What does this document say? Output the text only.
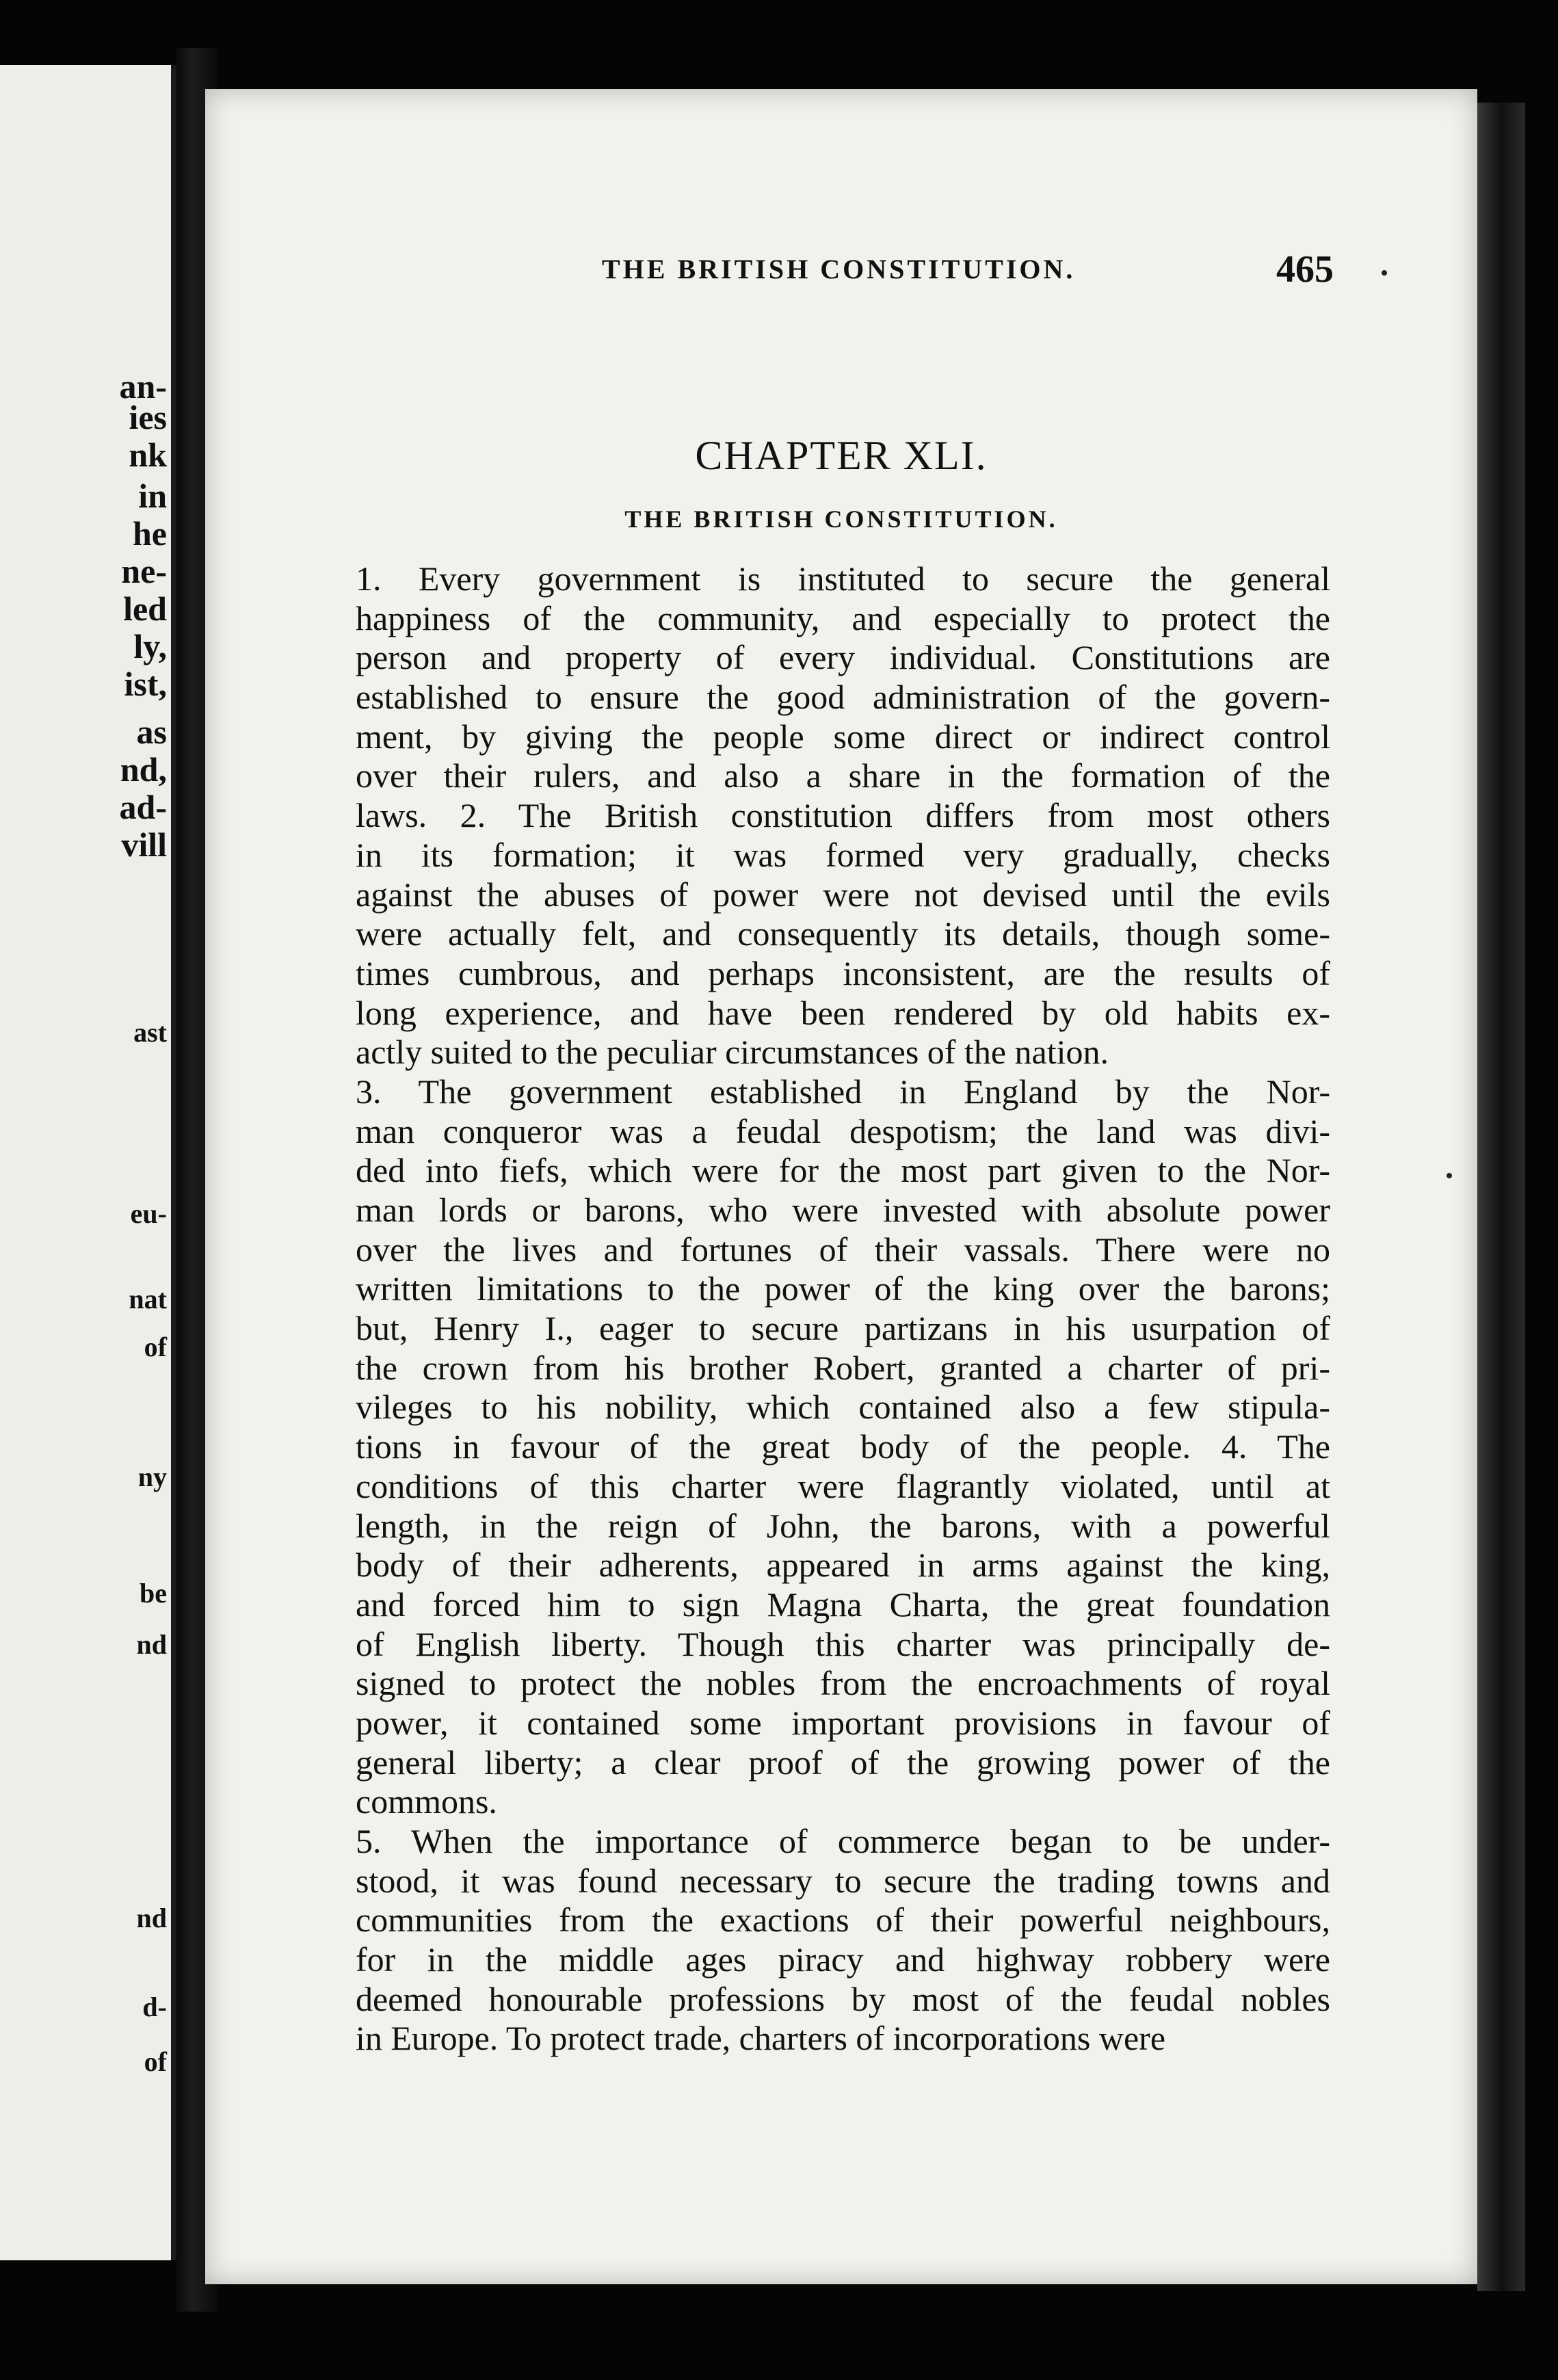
an-
ies
nk
in
he
ne-
led
ly,
ist,
as
nd,
ad-
vill
ast
eu-
nat
of
ny
be
nd
nd
d-
of
THE BRITISH CONSTITUTION.	465
CHAPTER XLI.
THE BRITISH CONSTITUTION.
1. Every government is instituted to secure the general
happiness of the community, and especially to protect the
person and property of every individual. Constitutions are
established to ensure the good administration of the govern-
ment, by giving the people some direct or indirect control
over their rulers, and also a share in the formation of the
laws. 2. The British constitution differs from most others
in its formation; it was formed very gradually, checks
against the abuses of power were not devised until the evils
were actually felt, and consequently its details, though some-
times cumbrous, and perhaps inconsistent, are the results of
long experience, and have been rendered by old habits ex-
actly suited to the peculiar circumstances of the nation.
3. The government established in England by the Nor-
man conqueror was a feudal despotism; the land was divi-
ded into fiefs, which were for the most part given to the Nor-
man lords or barons, who were invested with absolute power
over the lives and fortunes of their vassals. There were no
written limitations to the power of the king over the barons;
but, Henry I., eager to secure partizans in his usurpation of
the crown from his brother Robert, granted a charter of pri-
vileges to his nobility, which contained also a few stipula-
tions in favour of the great body of the people. 4. The
conditions of this charter were flagrantly violated, until at
length, in the reign of John, the barons, with a powerful
body of their adherents, appeared in arms against the king,
and forced him to sign Magna Charta, the great foundation
of English liberty. Though this charter was principally de-
signed to protect the nobles from the encroachments of royal
power, it contained some important provisions in favour of
general liberty; a clear proof of the growing power of the
commons.
5. When the importance of commerce began to be under-
stood, it was found necessary to secure the trading towns and
communities from the exactions of their powerful neighbours,
for in the middle ages piracy and highway robbery were
deemed honourable professions by most of the feudal nobles
in Europe. To protect trade, charters of incorporations were
